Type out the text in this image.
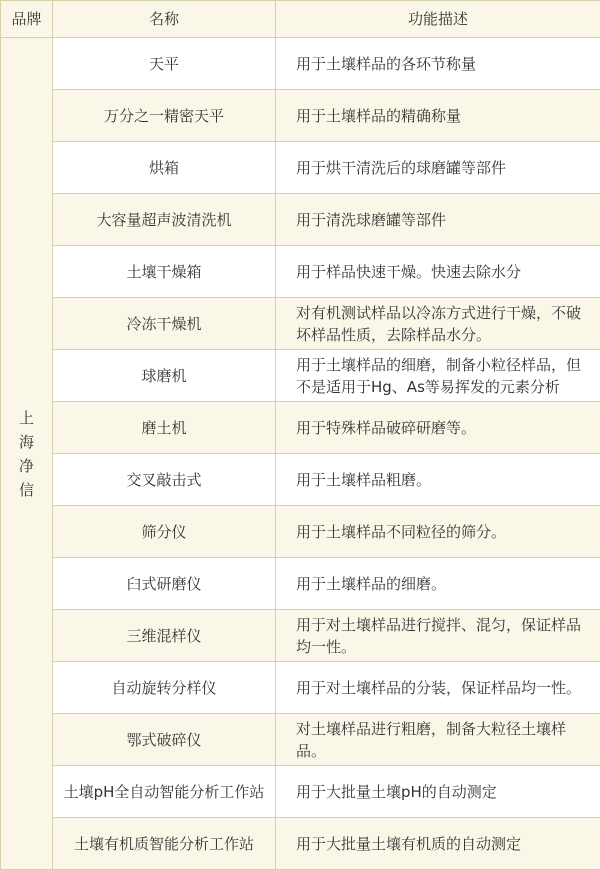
品牌	名称	功能描述
上海净信	天平	用于土壤样品的各环节称量
	万分之一精密天平	用于土壤样品的精确称量
	烘箱	用于烘干清洗后的球磨罐等部件
	大容量超声波清洗机	用于清洗球磨罐等部件
	土壤干燥箱	用于样品快速干燥。快速去除水分
	冷冻干燥机	对有机测试样品以冷冻方式进行干燥，不破坏样品性质，去除样品水分。
	球磨机	用于土壤样品的细磨，制备小粒径样品，但不是适用于Hg、As等易挥发的元素分析
	磨土机	用于特殊样品破碎研磨等。
	交叉敲击式	用于土壤样品粗磨。
	筛分仪	用于土壤样品不同粒径的筛分。
	臼式研磨仪	用于土壤样品的细磨。
	三维混样仪	用于对土壤样品进行搅拌、混匀，保证样品均一性。
	自动旋转分样仪	用于对土壤样品的分装，保证样品均一性。
	鄂式破碎仪	对土壤样品进行粗磨，制备大粒径土壤样品。
	土壤pH全自动智能分析工作站	用于大批量土壤pH的自动测定
	土壤有机质智能分析工作站	用于大批量土壤有机质的自动测定
